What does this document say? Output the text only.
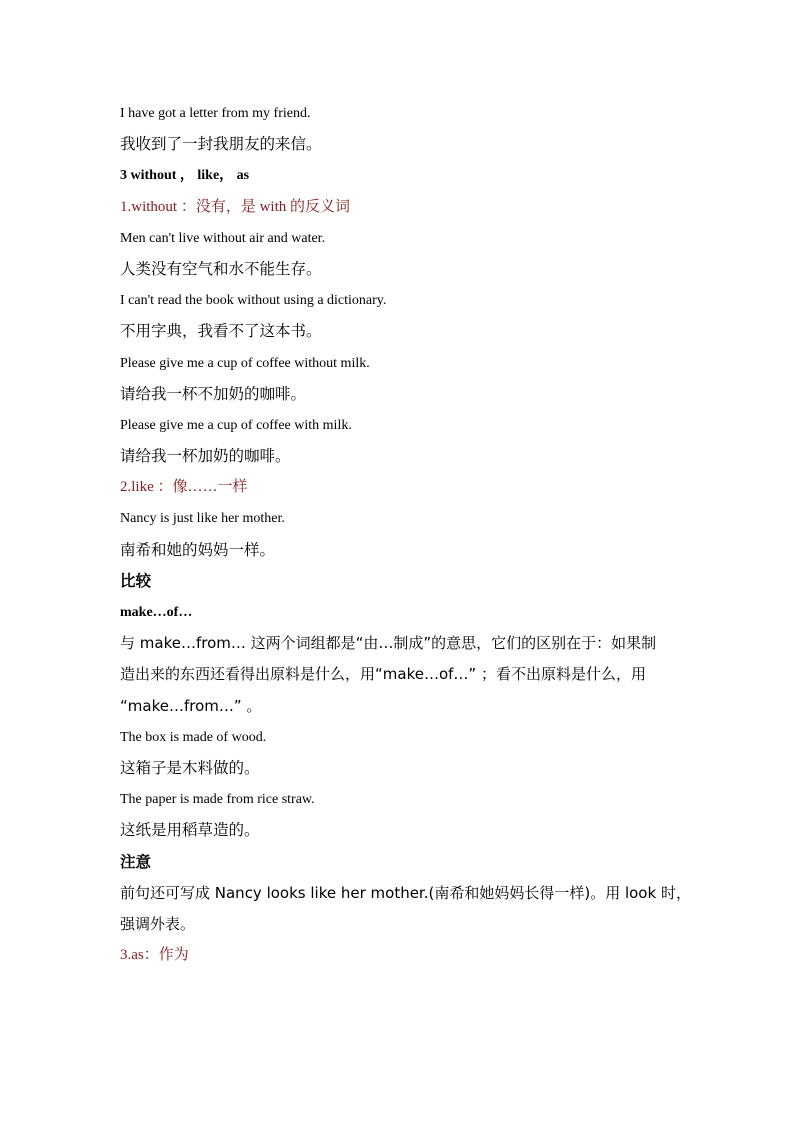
I have got a letter from my friend.
我收到了一封我朋友的来信。
3 without ， like， as
1.without ：没有，是 with 的反义词
Men can't live without air and water.
人类没有空气和水不能生存。
I can't read the book without using a dictionary.
不用字典，我看不了这本书。
Please give me a cup of coffee without milk.
请给我一杯不加奶的咖啡。
Please give me a cup of coffee with milk.
请给我一杯加奶的咖啡。
2.like ：像……一样
Nancy is just like her mother.
南希和她的妈妈一样。
比较
make…of…
与 make…from… 这两个词组都是“由…制成”的意思，它们的区别在于：如果制
造出来的东西还看得出原料是什么，用“make…of…” ；看不出原料是什么，用
“make…from…” 。
The box is made of wood.
这箱子是木料做的。
The paper is made from rice straw.
这纸是用稻草造的。
注意
前句还可写成 Nancy looks like her mother.(南希和她妈妈长得一样)。用 look 时，
强调外表。
3.as：作为
